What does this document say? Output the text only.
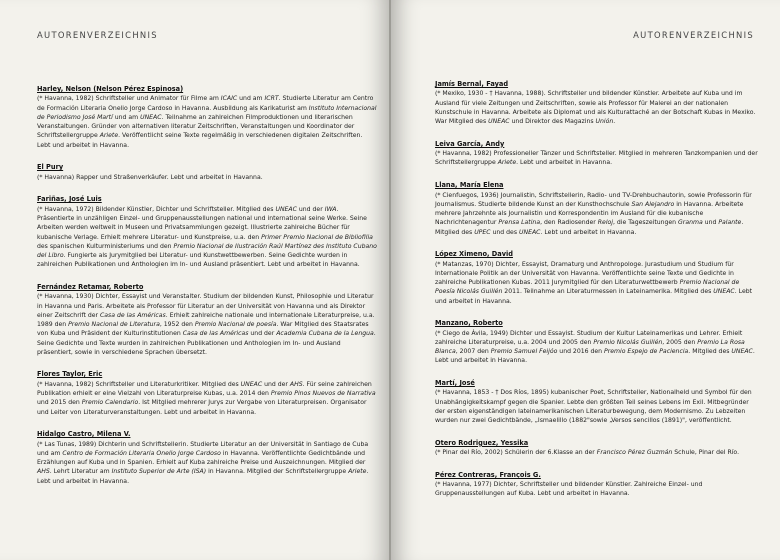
AUTORENVERZEICHNIS
Harley, Nelson (Nelson Pérez Espinosa)
(* Havanna, 1982) Schriftsteller und Animator für Filme am ICAIC und am ICRT. Studierte Literatur am Centro de Formación Literaria Onelio Jorge Cardoso in Havanna. Ausbildung als Karikaturist am Instituto Internacional de Periodismo José Martí und am UNEAC. Teilnahme an zahlreichen Filmproduktionen und literarischen Veranstaltungen. Gründer von alternativen literatur Zeitschriften, Veranstaltungen und Koordinator der Schriftstellergruppe Ariete. Veröffentlicht seine Texte regelmäßig in verschiedenen digitalen Zeitschriften. Lebt und arbeitet in Havanna.
El Pury
(* Havanna) Rapper und Straßenverkäufer. Lebt und arbeitet in Havanna.
Fariñas, José Luis
(* Havanna, 1972) Bildender Künstler, Dichter und Schriftsteller. Mitglied des UNEAC und der IWA. Präsentierte in unzähligen Einzel- und Gruppenausstellungen national und international seine Werke. Seine Arbeiten werden weltweit in Museen und Privatsammlungen gezeigt. Illustrierte zahlreiche Bücher für kubanische Verlage. Erhielt mehrere Literatur- und Kunstpreise, u.a. den Primer Premio Nacional de Bibliofilia des spanischen Kulturministeriums und den Premio Nacional de Ilustración Raúl Martínez des Instituto Cubano del Libro. Fungierte als Jurymitglied bei Literatur- und Kunstwettbewerben. Seine Gedichte wurden in zahlreichen Publikationen und Anthologien im In- und Ausland präsentiert. Lebt und arbeitet in Havanna.
Fernández Retamar, Roberto
(* Havanna, 1930) Dichter, Essayist und Veranstalter. Studium der bildenden Kunst, Philosophie und Literatur in Havanna und Paris. Arbeitete als Professor für Literatur an der Universität von Havanna und als Direktor einer Zeitschrift der Casa de las Américas. Erhielt zahlreiche nationale und internationale Literaturpreise, u.a. 1989 den Premio Nacional de Literatura, 1952 den Premio Nacional de poesía. War Mitglied des Staatsrates von Kuba und Präsident der Kulturinstitutionen Casa de las Américas und der Academia Cubana de la Lengua. Seine Gedichte und Texte wurden in zahlreichen Publikationen und Anthologien im In- und Ausland präsentiert, sowie in verschiedene Sprachen übersetzt.
Flores Taylor, Eric
(* Havanna, 1982) Schriftsteller und Literaturkritiker. Mitglied des UNEAC und der AHS. Für seine zahlreichen Publikation erhielt er eine Vielzahl von Literaturpreise Kubas, u.a. 2014 den Premio Pinos Nuevos de Narrativa und 2015 den Premio Calendario. Ist Mitglied mehrerer Jurys zur Vergabe von Literaturpreisen. Organisator und Leiter von Literaturveranstaltungen. Lebt und arbeitet in Havanna.
Hidalgo Castro, Milena V.
(* Las Tunas, 1989) Dichterin und Schriftstellerin. Studierte Literatur an der Universität in Santiago de Cuba und am Centro de Formación Literaria Onelio Jorge Cardoso in Havanna. Veröffentlichte Gedichtbände und Erzählungen auf Kuba und in Spanien. Erhielt auf Kuba zahlreiche Preise und Auszeichnungen. Mitglied der AHS. Lehrt Literatur am Instituto Superior de Arte (ISA) in Havanna. Mitglied der Schriftstellergruppe Ariete. Lebt und arbeitet in Havanna.
AUTORENVERZEICHNIS
Jamís Bernal, Fayad
(* Mexiko, 1930 - † Havanna, 1988). Schriftsteller und bildender Künstler. Arbeitete auf Kuba und im Ausland für viele Zeitungen und Zeitschriften, sowie als Professor für Malerei an der nationalen Kunstschule in Havanna. Arbeitete als Diplomat und als Kulturattaché an der Botschaft Kubas in Mexiko. War Mitglied des UNEAC und Direktor des Magazins Unión.
Leiva García, Andy
(* Havanna, 1982) Professioneller Tänzer und Schriftsteller. Mitglied in mehreren Tanzkompanien und der Schriftstellergruppe Ariete. Lebt und arbeitet in Havanna.
Llana, María Elena
(* Cienfuegos, 1936) Journalistin, Schriftstellerin, Radio- und TV-Drehbuchautorin, sowie Professorin für Journalismus. Studierte bildende Kunst an der Kunsthochschule San Alejandro in Havanna. Arbeitete mehrere Jahrzehnte als Journalistin und Korrespondentin im Ausland für die kubanische Nachrichtenagentur Prensa Latina, den Radiosender Reloj, die Tageszeitungen Granma und Palante. Mitglied des UPEC und des UNEAC. Lebt und arbeitet in Havanna.
López Ximeno, David
(* Matanzas, 1970) Dichter, Essayist, Dramaturg und Anthropologe. Jurastudium und Studium für Internationale Politik an der Universität von Havanna. Veröffentlichte seine Texte und Gedichte in zahlreiche Publikationen Kubas. 2011 Jurymitglied für den Literaturwettbewerb Premio Nacional de Poesía Nicolás Guillén 2011. Teilnahme an Literaturmessen in Lateinamerika. Mitglied des UNEAC. Lebt und arbeitet in Havanna.
Manzano, Roberto
(* Ciego de Ávila, 1949) Dichter und Essayist. Studium der Kultur Lateinamerikas und Lehrer. Erhielt zahlreiche Literaturpreise, u.a. 2004 und 2005 den Premio Nicolás Guillén, 2005 den Premio La Rosa Blanca, 2007 den Premio Samuel Feijóo und 2016 den Premio Espejo de Paciencia. Mitglied des UNEAC. Lebt und arbeitet in Havanna.
Martí, José
(* Havanna, 1853 - † Dos Ríos, 1895) kubanischer Poet, Schriftsteller, Nationalheld und Symbol für den Unabhängigkeitskampf gegen die Spanier. Lebte den größten Teil seines Lebens im Exil. Mitbegründer der ersten eigenständigen lateinamerikanischen Literaturbewegung, dem Modernismo. Zu Lebzeiten wurden nur zwei Gedichtbände, „Ismaelillo (1882"sowie „Versos sencillos (1891)", veröffentlicht.
Otero Rodriguez, Yessika
(* Pinar del Río, 2002) Schülerin der 6.Klasse an der Francisco Pérez Guzmán Schule, Pinar del Río.
Pérez Contreras, François G.
(* Havanna, 1977) Dichter, Schriftsteller und bildender Künstler. Zahlreiche Einzel- und Gruppenausstellungen auf Kuba. Lebt und arbeitet in Havanna.
